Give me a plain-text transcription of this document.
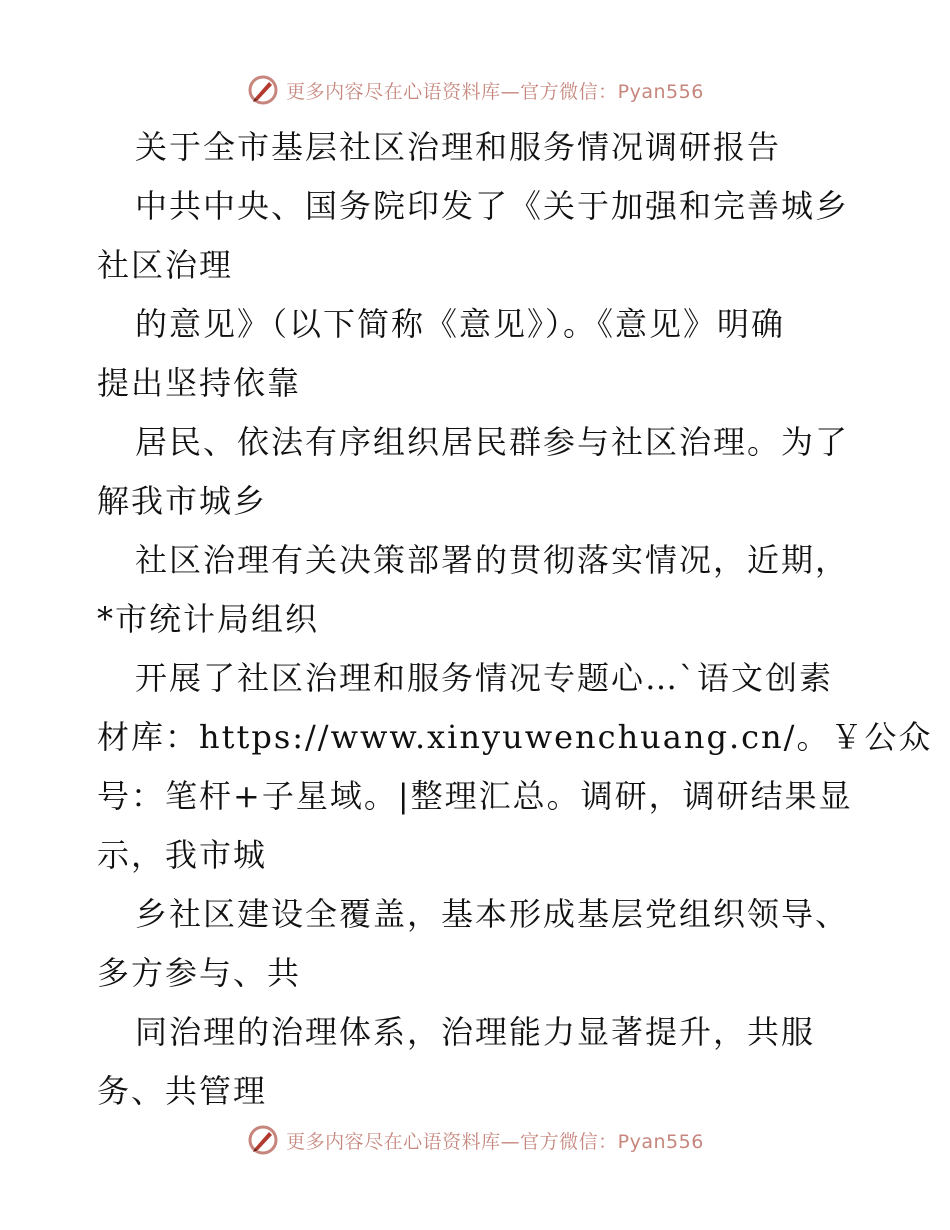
更多内容尽在心语资料库—官方微信：Pyan556
关于全市基层社区治理和服务情况调研报告
中共中央、国务院印发了《关于加强和完善城乡
社区治理
的意见》（以下简称《意见》）。《意见》明确
提出坚持依靠
居民、依法有序组织居民群参与社区治理。为了
解我市城乡
社区治理有关决策部署的贯彻落实情况，近期，
*市统计局组织
开展了社区治理和服务情况专题心…`语文创素
材库：https://www.xinyuwenchuang.cn/。￥公众
号：笔杆+子星域。|整理汇总。调研，调研结果显
示，我市城
乡社区建设全覆盖，基本形成基层党组织领导、
多方参与、共
同治理的治理体系，治理能力显著提升，共服
务、共管理
更多内容尽在心语资料库—官方微信：Pyan556
